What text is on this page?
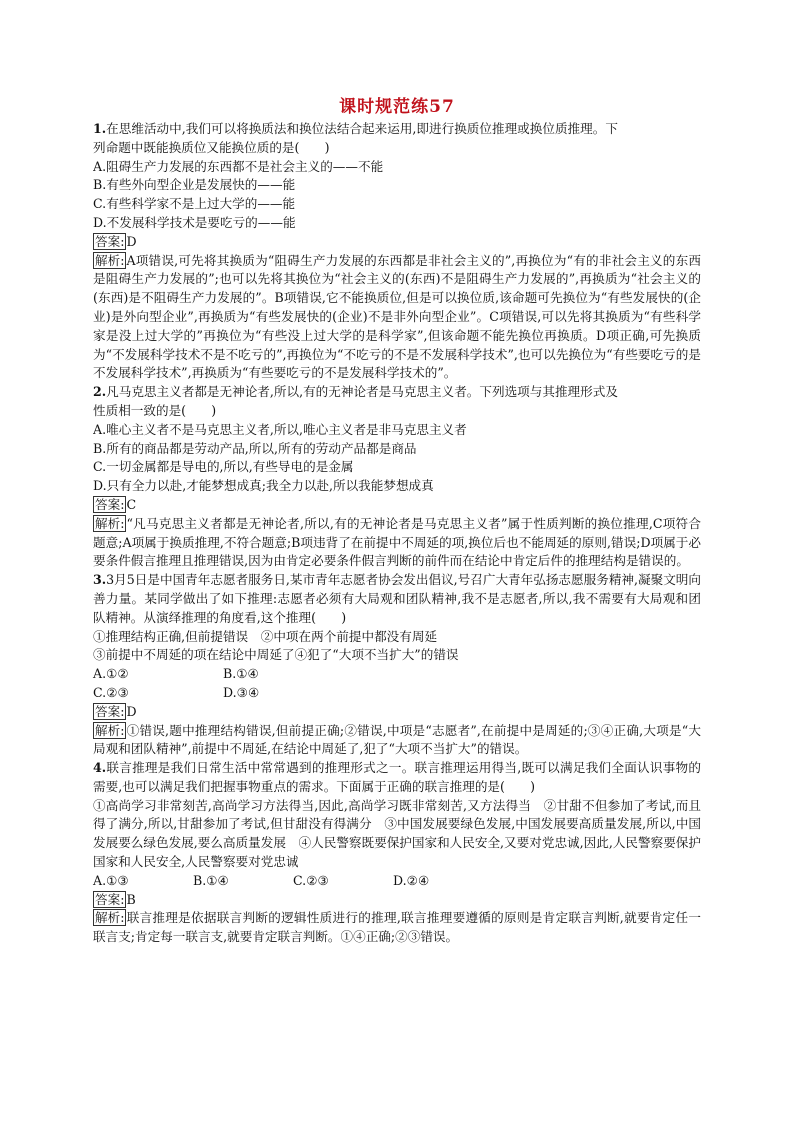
课时规范练57
1.在思维活动中,我们可以将换质法和换位法结合起来运用,即进行换质位推理或换位质推理。下
列命题中既能换质位又能换位质的是(　　)
A.阻碍生产力发展的东西都不是社会主义的——不能
B.有些外向型企业是发展快的——能
C.有些科学家不是上过大学的——能
D.不发展科学技术是要吃亏的——能
答案: D
解析: A项错误,可先将其换质为“阻碍生产力发展的东西都是非社会主义的”,再换位为“有的非社会主义的东西是阻碍生产力发展的”;也可以先将其换位为“社会主义的(东西)不是阻碍生产力发展的”,再换质为“社会主义的(东西)是不阻碍生产力发展的”。B项错误,它不能换质位,但是可以换位质,该命题可先换位为“有些发展快的(企业)是外向型企业”,再换质为“有些发展快的(企业)不是非外向型企业”。C项错误,可以先将其换质为“有些科学家是没上过大学的”再换位为“有些没上过大学的是科学家”,但该命题不能先换位再换质。D项正确,可先换质为“不发展科学技术不是不吃亏的”,再换位为“不吃亏的不是不发展科学技术”,也可以先换位为“有些要吃亏的是不发展科学技术”,再换质为“有些要吃亏的不是发展科学技术的”。
2.凡马克思主义者都是无神论者,所以,有的无神论者是马克思主义者。下列选项与其推理形式及
性质相一致的是(　　)
A.唯心主义者不是马克思主义者,所以,唯心主义者是非马克思主义者
B.所有的商品都是劳动产品,所以,所有的劳动产品都是商品
C.一切金属都是导电的,所以,有些导电的是金属
D.只有全力以赴,才能梦想成真;我全力以赴,所以我能梦想成真
答案: C
解析: “凡马克思主义者都是无神论者,所以,有的无神论者是马克思主义者”属于性质判断的换位推理,C项符合题意;A项属于换质推理,不符合题意;B项违背了在前提中不周延的项,换位后也不能周延的原则,错误;D项属于必要条件假言推理且推理错误,因为由肯定必要条件假言判断的前件而在结论中肯定后件的推理结构是错误的。
3.3月5日是中国青年志愿者服务日,某市青年志愿者协会发出倡议,号召广大青年弘扬志愿服务精神,凝聚文明向善力量。某同学做出了如下推理:志愿者必须有大局观和团队精神,我不是志愿者,所以,我不需要有大局观和团队精神。从演绎推理的角度看,这个推理(　　)
①推理结构正确,但前提错误　②中项在两个前提中都没有周延
③前提中不周延的项在结论中周延了④犯了“大项不当扩大”的错误
A.①②	B.①④
C.②③	D.③④
答案: D
解析: ①错误,题中推理结构错误,但前提正确;②错误,中项是“志愿者”,在前提中是周延的;③④正确,大项是“大局观和团队精神”,前提中不周延,在结论中周延了,犯了“大项不当扩大”的错误。
4.联言推理是我们日常生活中常常遇到的推理形式之一。联言推理运用得当,既可以满足我们全面认识事物的需要,也可以满足我们把握事物重点的需求。下面属于正确的联言推理的是(　　)
①高尚学习非常刻苦,高尚学习方法得当,因此,高尚学习既非常刻苦,又方法得当　②甘甜不但参加了考试,而且得了满分,所以,甘甜参加了考试,但甘甜没有得满分　③中国发展要绿色发展,中国发展要高质量发展,所以,中国发展要么绿色发展,要么高质量发展　④人民警察既要保护国家和人民安全,又要对党忠诚,因此,人民警察要保护国家和人民安全,人民警察要对党忠诚
A.①③	B.①④	C.②③	D.②④
答案: B
解析: 联言推理是依据联言判断的逻辑性质进行的推理,联言推理要遵循的原则是肯定联言判断,就要肯定任一联言支;肯定每一联言支,就要肯定联言判断。①④正确;②③错误。
